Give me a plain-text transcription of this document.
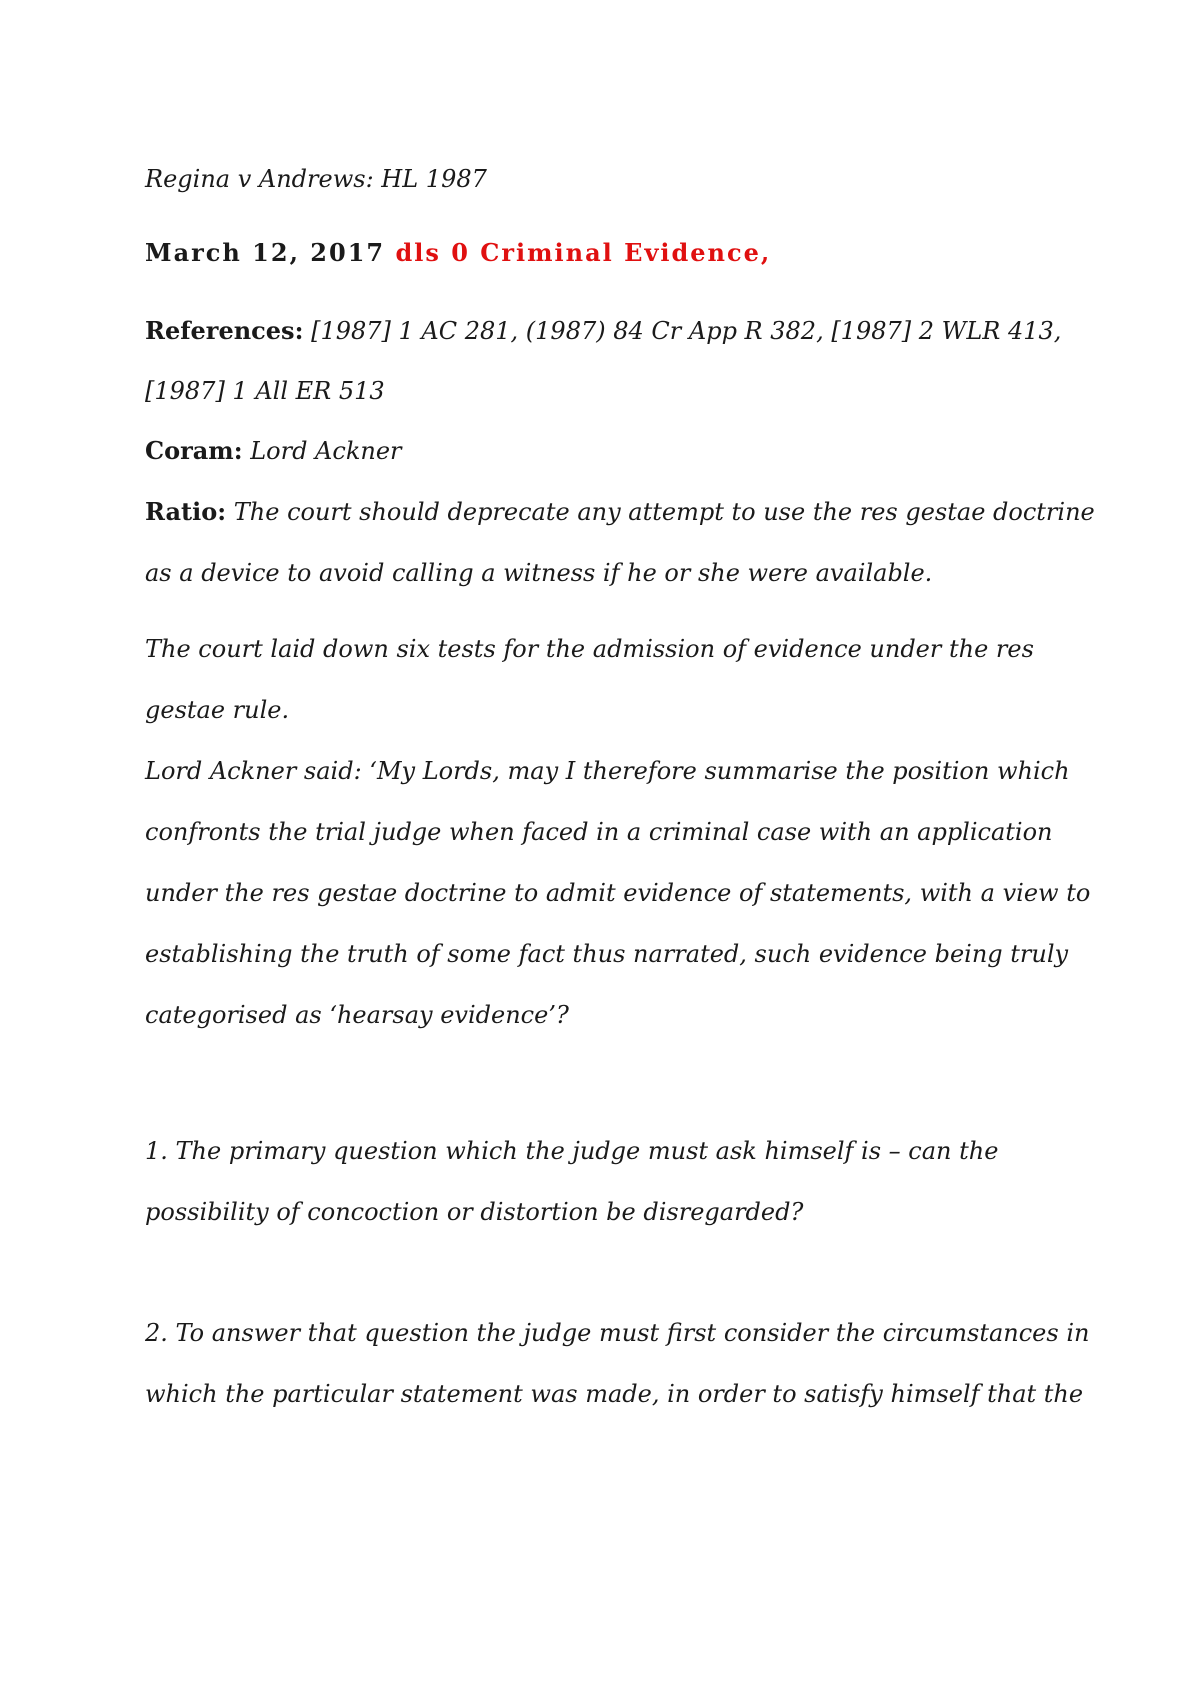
Regina v Andrews: HL 1987
March 12, 2017 dls 0 Criminal Evidence,
References: [1987] 1 AC 281, (1987) 84 Cr App R 382, [1987] 2 WLR 413,
[1987] 1 All ER 513
Coram: Lord Ackner
Ratio: The court should deprecate any attempt to use the res gestae doctrine
as a device to avoid calling a witness if he or she were available.
The court laid down six tests for the admission of evidence under the res
gestae rule.
Lord Ackner said: ‘My Lords, may I therefore summarise the position which
confronts the trial judge when faced in a criminal case with an application
under the res gestae doctrine to admit evidence of statements, with a view to
establishing the truth of some fact thus narrated, such evidence being truly
categorised as ‘hearsay evidence’?
1. The primary question which the judge must ask himself is – can the
possibility of concoction or distortion be disregarded?
2. To answer that question the judge must first consider the circumstances in
which the particular statement was made, in order to satisfy himself that the
